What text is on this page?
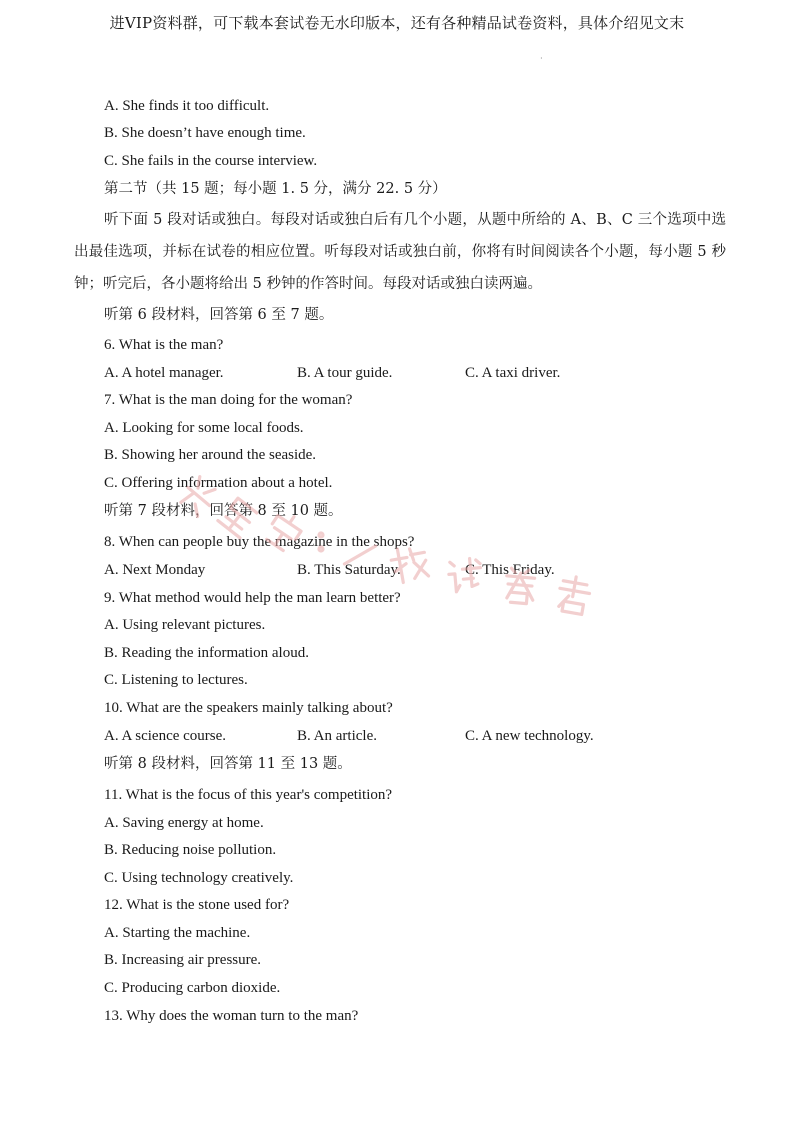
进VIP资料群，可下载本套试卷无水印版本，还有各种精品试卷资料，具体介绍见文末
·
A. She finds it too difficult.
B. She doesn’t have enough time.
C. She fails in the course interview.
第二节（共 15 题；每小题 1. 5 分，满分 22. 5 分）
听下面 5 段对话或独白。每段对话或独白后有几个小题，从题中所给的 A、B、C 三个选项中选出最佳选项，并标在试卷的相应位置。听每段对话或独白前，你将有时间阅读各个小题，每小题 5 秒钟；听完后，各小题将给出 5 秒钟的作答时间。每段对话或独白读两遍。
听第 6 段材料，回答第 6 至 7 题。
6. What is the man?
A. A hotel manager.	B. A tour guide.	C. A taxi driver.
7. What is the man doing for the woman?
A. Looking for some local foods.
B. Showing her around the seaside.
C. Offering information about a hotel.
听第 7 段材料，回答第 8 至 10 题。
8. When can people buy the magazine in the shops?
A. Next Monday	B. This Saturday.	C. This Friday.
9. What method would help the man learn better?
A. Using relevant pictures.
B. Reading the information aloud.
C. Listening to lectures.
10. What are the speakers mainly talking about?
A. A science course.	B. An article.	C. A new technology.
听第 8 段材料，回答第 11 至 13 题。
11. What is the focus of this year's competition?
A. Saving energy at home.
B. Reducing noise pollution.
C. Using technology creatively.
12. What is the stone used for?
A. Starting the machine.
B. Increasing air pressure.
C. Producing carbon dioxide.
13. Why does the woman turn to the man?
